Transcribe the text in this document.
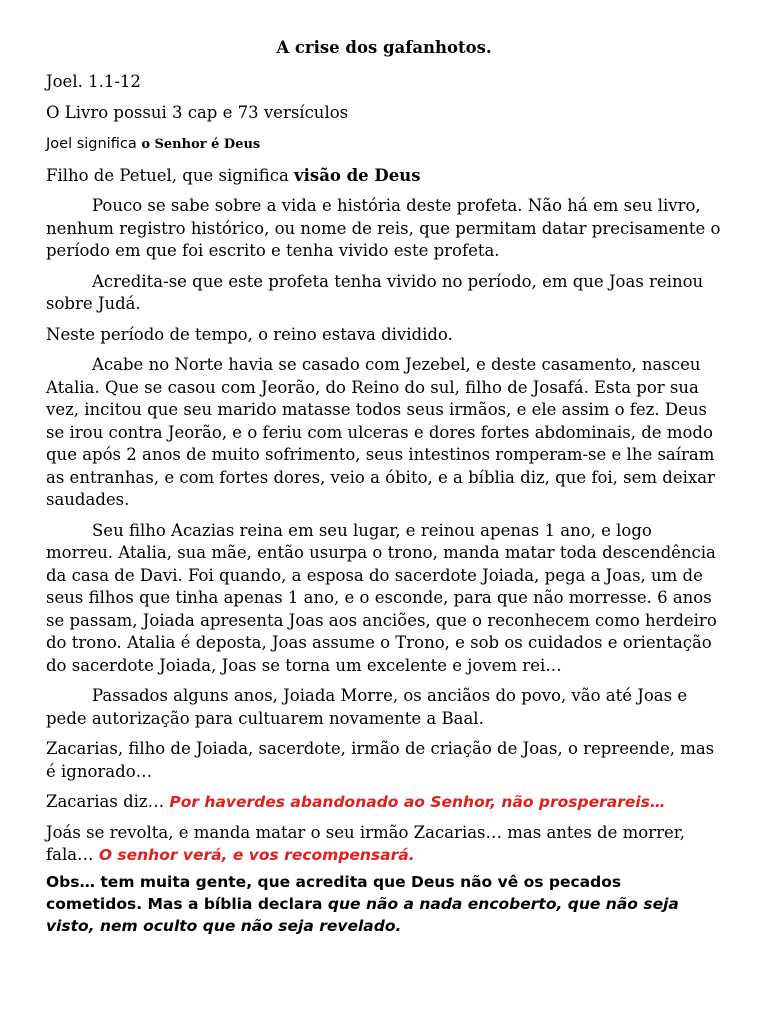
A crise dos gafanhotos.

Joel. 1.1-12

O Livro possui 3 cap e 73 versículos

Joel significa o Senhor é Deus

Filho de Petuel, que significa visão de Deus

Pouco se sabe sobre a vida e história deste profeta. Não há em seu livro, nenhum registro histórico, ou nome de reis, que permitam datar precisamente o período em que foi escrito e tenha vivido este profeta.

Acredita-se que este profeta tenha vivido no período, em que Joas reinou sobre Judá.

Neste período de tempo, o reino estava dividido.

Acabe no Norte havia se casado com Jezebel, e deste casamento, nasceu Atalia. Que se casou com Jeorão, do Reino do sul, filho de Josafá. Esta por sua vez, incitou que seu marido matasse todos seus irmãos, e ele assim o fez. Deus se irou contra Jeorão, e o feriu com ulceras e dores fortes abdominais, de modo que após 2 anos de muito sofrimento, seus intestinos romperam-se e lhe saíram as entranhas, e com fortes dores, veio a óbito, e a bíblia diz, que foi, sem deixar saudades.

Seu filho Acazias reina em seu lugar, e reinou apenas 1 ano, e logo morreu. Atalia, sua mãe, então usurpa o trono, manda matar toda descendência da casa de Davi. Foi quando, a esposa do sacerdote Joiada, pega a Joas, um de seus filhos que tinha apenas 1 ano, e o esconde, para que não morresse. 6 anos se passam, Joiada apresenta Joas aos anciões, que o reconhecem como herdeiro do trono. Atalia é deposta, Joas assume o Trono, e sob os cuidados e orientação do sacerdote Joiada, Joas se torna um excelente e jovem rei…

Passados alguns anos, Joiada Morre, os anciãos do povo, vão até Joas e pede autorização para cultuarem novamente a Baal.

Zacarias, filho de Joiada, sacerdote, irmão de criação de Joas, o repreende, mas é ignorado…

Zacarias diz… Por haverdes abandonado ao Senhor, não prosperareis…

Joás se revolta, e manda matar o seu irmão Zacarias… mas antes de morrer, fala… O senhor verá, e vos recompensará.

Obs… tem muita gente, que acredita que Deus não vê os pecados cometidos. Mas a bíblia declara que não a nada encoberto, que não seja visto, nem oculto que não seja revelado.
